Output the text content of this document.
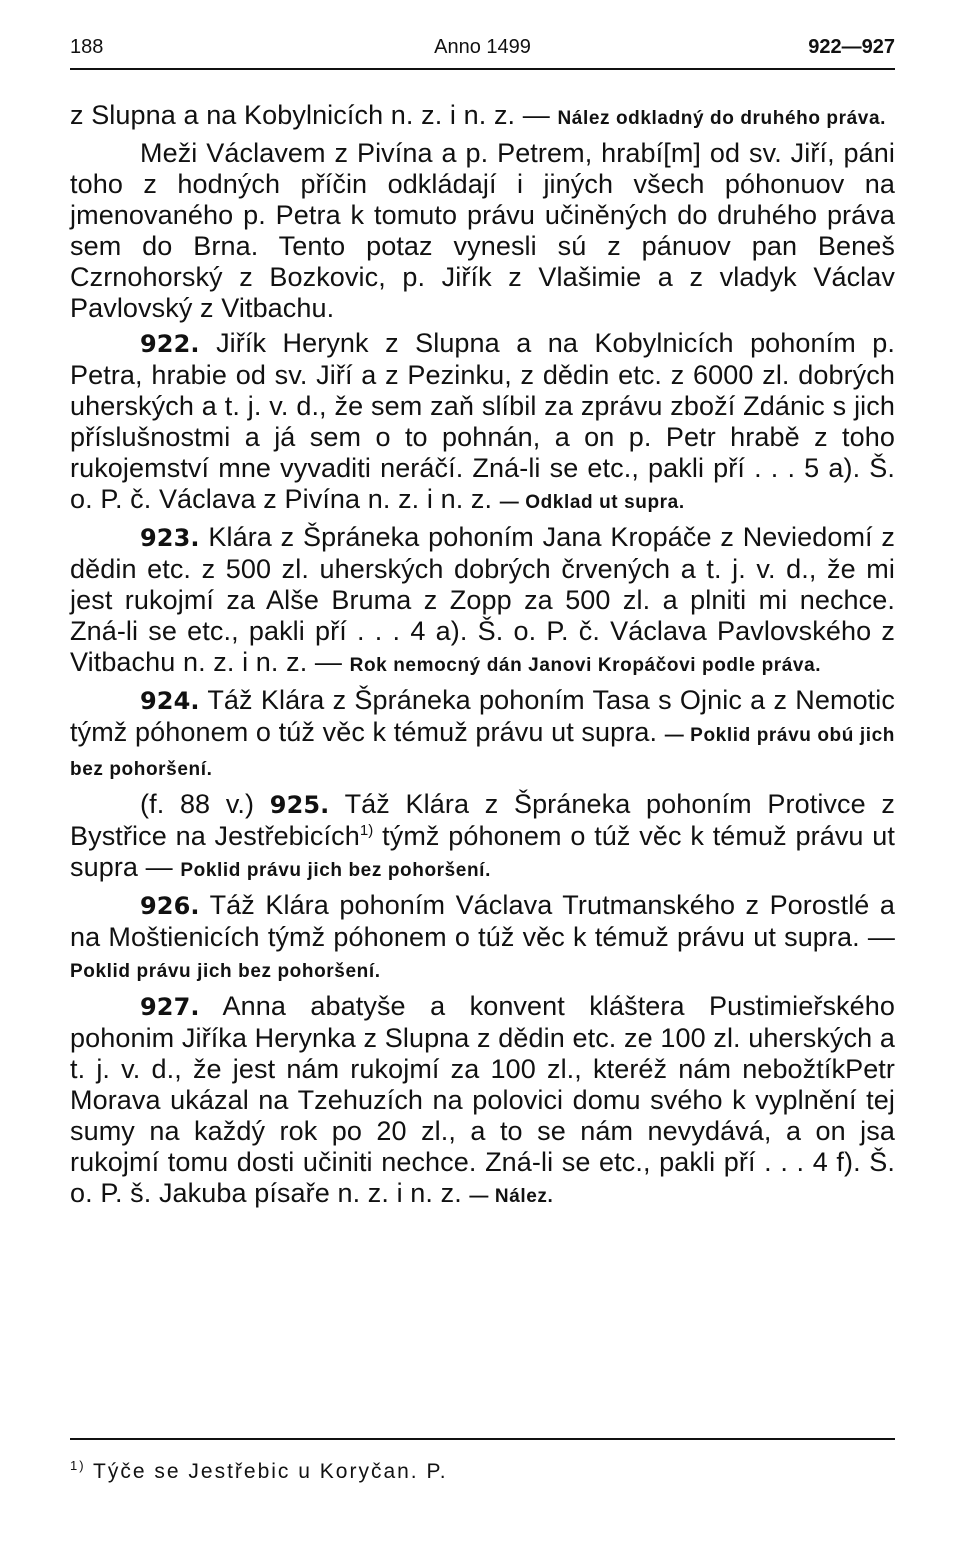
188	Anno 1499	922—927

z Slupna a na Kobylnicích n. z. i n. z. — Nález odkladný do druhého práva.

Meži Václavem z Pivína a p. Petrem, hrabí[m] od sv. Jiří, páni toho z hodných příčin odkládají i jiných všech póhonuov na jmenovaného p. Petra k tomuto právu učiněných do druhého práva sem do Brna. Tento potaz vynesli sú z pánuov pan Beneš Czrnohorský z Bozkovic, p. Jiřík z Vlašimie a z vladyk Václav Pavlovský z Vitbachu.

922. Jiřík Herynk z Slupna a na Kobylnicích pohoním p. Petra, hrabie od sv. Jiří a z Pezinku, z dědin etc. z 6000 zl. dobrých uherských a t. j. v. d., že sem zaň slíbil za zprávu zboží Zdánic s jich příslušnostmi a já sem o to pohnán, a on p. Petr hrabě z toho rukojemství mne vyvaditi neráčí. Zná-li se etc., pakli pří . . . 5 a). Š. o. P. č. Václava z Pivína n. z. i n. z. — Odklad ut supra.

923. Klára z Špráneka pohoním Jana Kropáče z Neviedomí z dědin etc. z 500 zl. uherských dobrých črvených a t. j. v. d., že mi jest rukojmí za Alše Bruma z Zopp za 500 zl. a plniti mi nechce. Zná-li se etc., pakli pří . . . 4 a). Š. o. P. č. Václava Pavlovského z Vitbachu n. z. i n. z. — Rok nemocný dán Janovi Kropáčovi podle práva.

924. Táž Klára z Špráneka pohoním Tasa s Ojnic a z Nemotic týmž póhonem o túž věc k témuž právu ut supra. — Poklid právu obú jich bez pohoršení.

(f. 88 v.) 925. Táž Klára z Špráneka pohoním Protivce z Bystřice na Jestřebicích$^{1)}$ týmž póhonem o túž věc k témuž právu ut supra — Poklid právu jich bez pohoršení.

926. Táž Klára pohoním Václava Trutmanského z Porostlé a na Moštienicích týmž póhonem o túž věc k témuž právu ut supra. — Poklid právu jich bez pohoršení.

927. Anna abatyše a konvent kláštera Pustimieřského pohonim Jiříka Herynka z Slupna z dědin etc. ze 100 zl. uherských a t. j. v. d., že jest nám rukojmí za 100 zl., kteréž nám nebožtíkPetr Morava ukázal na Tzehuzích na polovici domu svého k vyplnění tej sumy na každý rok po 20 zl., a to se nám nevydává, a on jsa rukojmí tomu dosti učiniti nechce. Zná-li se etc., pakli pří . . . 4 f). Š. o. P. š. Jakuba písaře n. z. i n. z. — Nález.

$^{1)}$ Týče se Jestřebic u Koryčan. P.
